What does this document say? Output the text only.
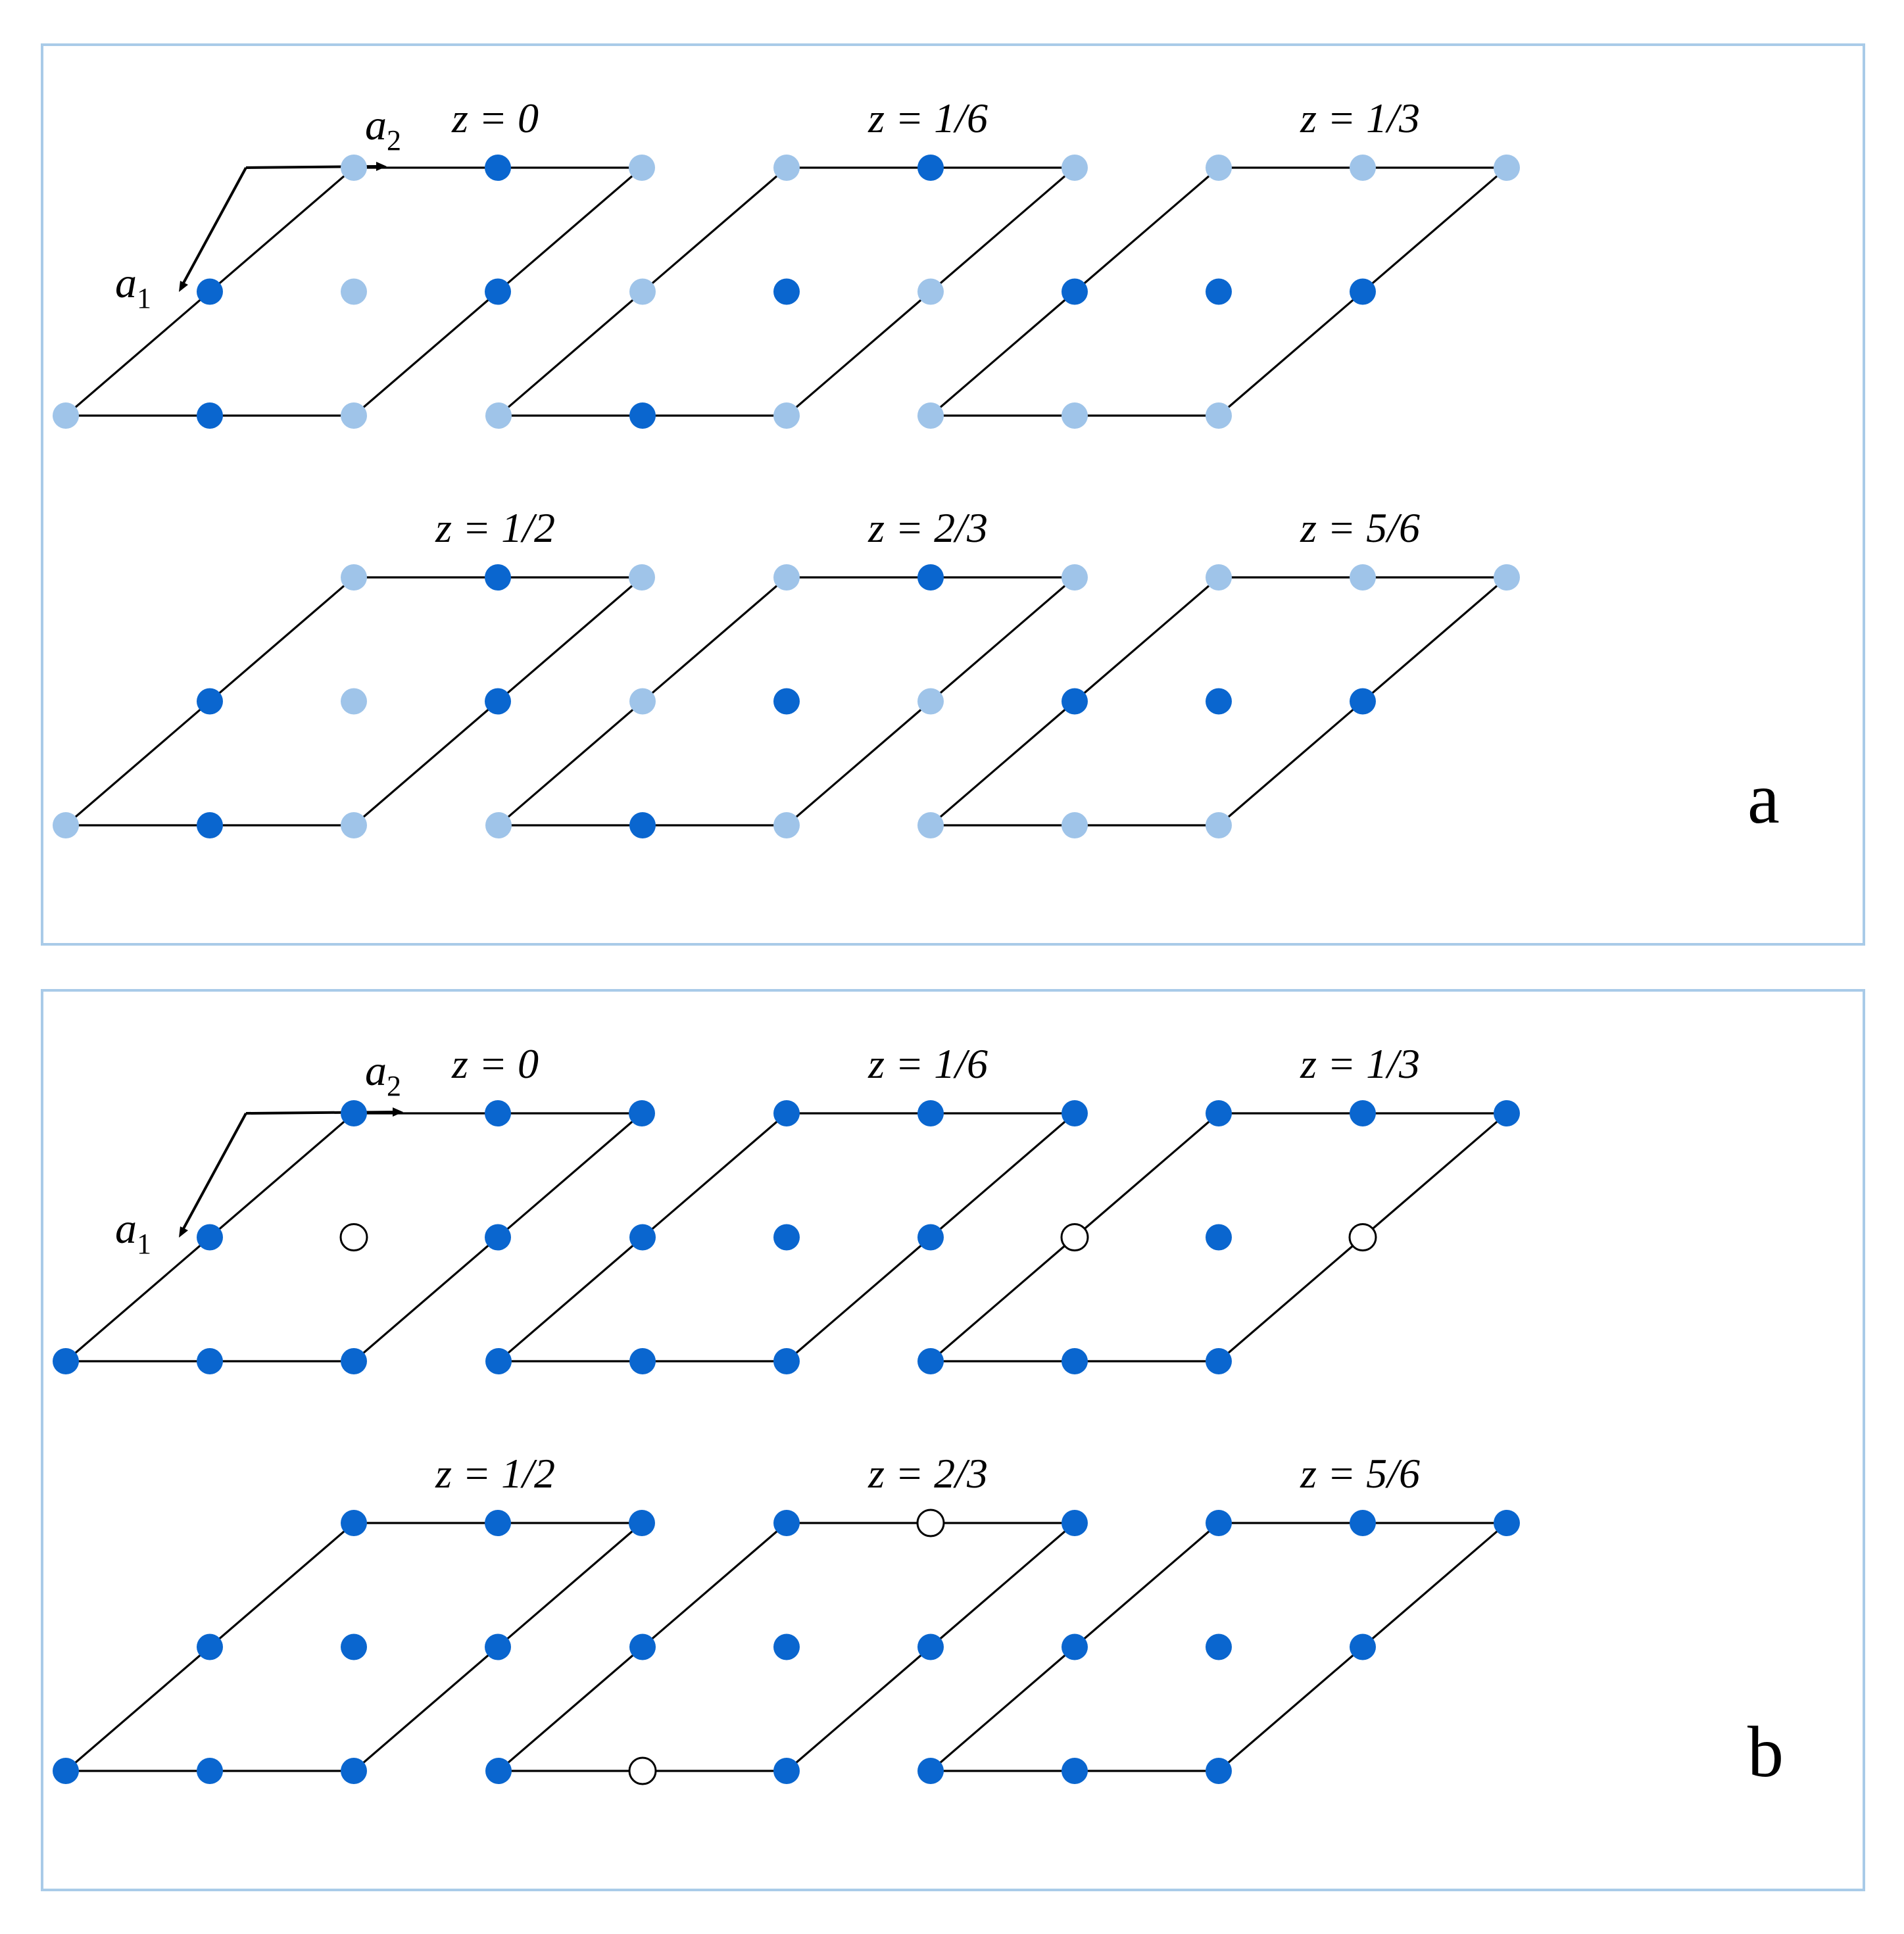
a2
a1
z = 0	z = 1/6	z = 1/3
z = 1/2	z = 2/3	z = 5/6
a
a2
a1
z = 0	z = 1/6	z = 1/3
z = 1/2	z = 2/3	z = 5/6
b
